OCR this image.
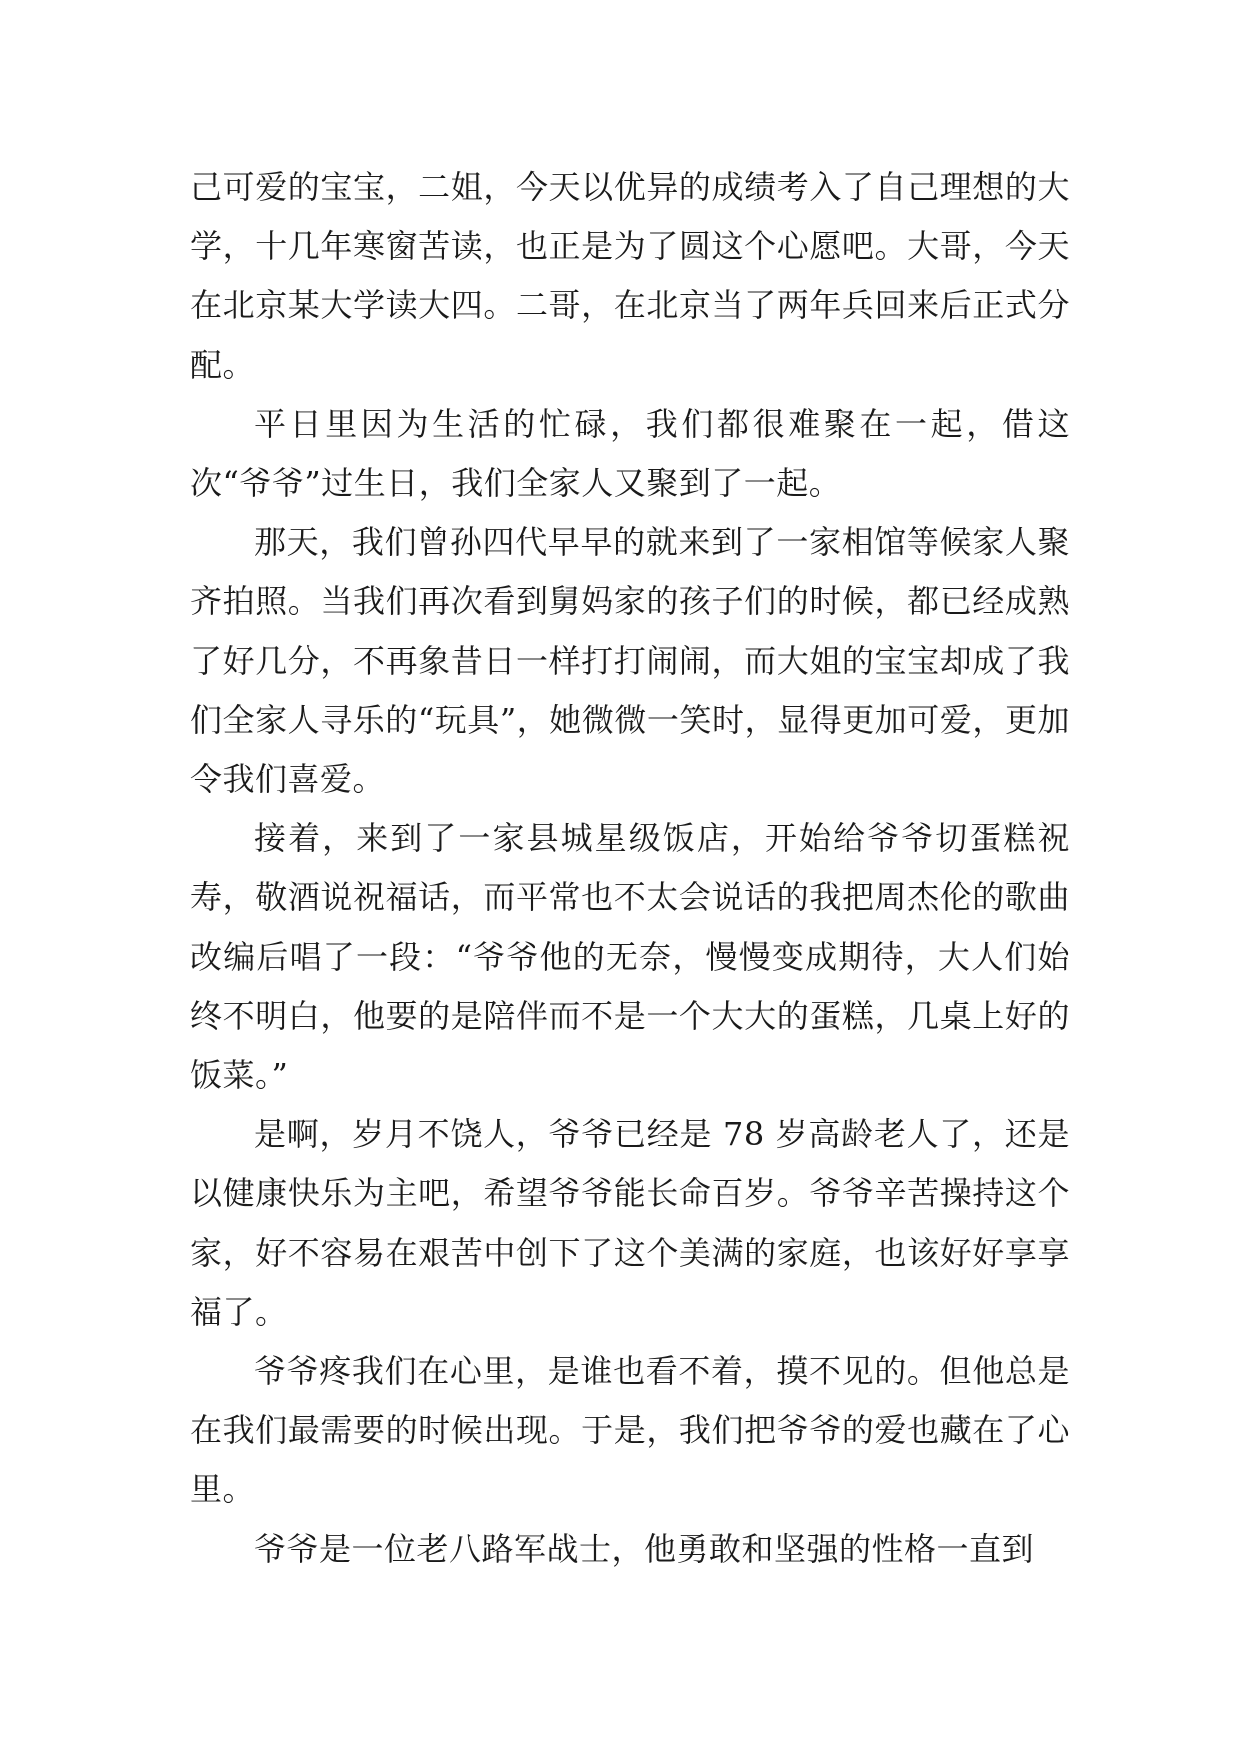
己可爱的宝宝，二姐，今天以优异的成绩考入了自己理想的大学，十几年寒窗苦读，也正是为了圆这个心愿吧。大哥，今天在北京某大学读大四。二哥，在北京当了两年兵回来后正式分配。

平日里因为生活的忙碌，我们都很难聚在一起，借这次“爷爷”过生日，我们全家人又聚到了一起。

那天，我们曾孙四代早早的就来到了一家相馆等候家人聚齐拍照。当我们再次看到舅妈家的孩子们的时候，都已经成熟了好几分，不再象昔日一样打打闹闹，而大姐的宝宝却成了我们全家人寻乐的“玩具”，她微微一笑时，显得更加可爱，更加令我们喜爱。

接着，来到了一家县城星级饭店，开始给爷爷切蛋糕祝寿，敬酒说祝福话，而平常也不太会说话的我把周杰伦的歌曲改编后唱了一段：“爷爷他的无奈，慢慢变成期待，大人们始终不明白，他要的是陪伴而不是一个大大的蛋糕，几桌上好的饭菜。”

是啊，岁月不饶人，爷爷已经是 78 岁高龄老人了，还是以健康快乐为主吧，希望爷爷能长命百岁。爷爷辛苦操持这个家，好不容易在艰苦中创下了这个美满的家庭，也该好好享享福了。

爷爷疼我们在心里，是谁也看不着，摸不见的。但他总是在我们最需要的时候出现。于是，我们把爷爷的爱也藏在了心里。

爷爷是一位老八路军战士，他勇敢和坚强的性格一直到
